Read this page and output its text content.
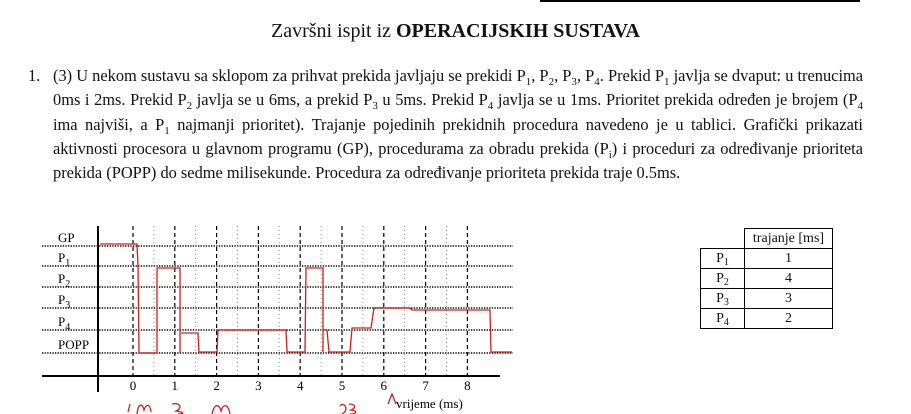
Završni ispit iz OPERACIJSKIH SUSTAVA
1. (3) U nekom sustavu sa sklopom za prihvat prekida javljaju se prekidi $P_1$, $P_2$, $P_3$, $P_4$. Prekid $P_1$ javlja se dvaput: u trenucima 0ms i 2ms. Prekid $P_2$ javlja se u 6ms, a prekid $P_3$ u 5ms. Prekid $P_4$ javlja se u 1ms. Prioritet prekida određen je brojem ($P_4$ ima najviši, a $P_1$ najmanji prioritet). Trajanje pojedinih prekidnih procedura navedeno je u tablici. Grafički prikazati aktivnosti procesora u glavnom programu (GP), procedurama za obradu prekida $(P_i)$ i proceduri za određivanje prioriteta prekida (POPP) do sedme milisekunde. Procedura za određivanje prioriteta prekida traje 0.5ms.
GP
$P_1$
$P_2$
$P_3$
$P_4$
POPP
0	1	2	3	4	5	6	7	8
vrijeme (ms)
	trajanje [ms]
$P_1$	1
$P_2$	4
$P_3$	3
$P_4$	2
